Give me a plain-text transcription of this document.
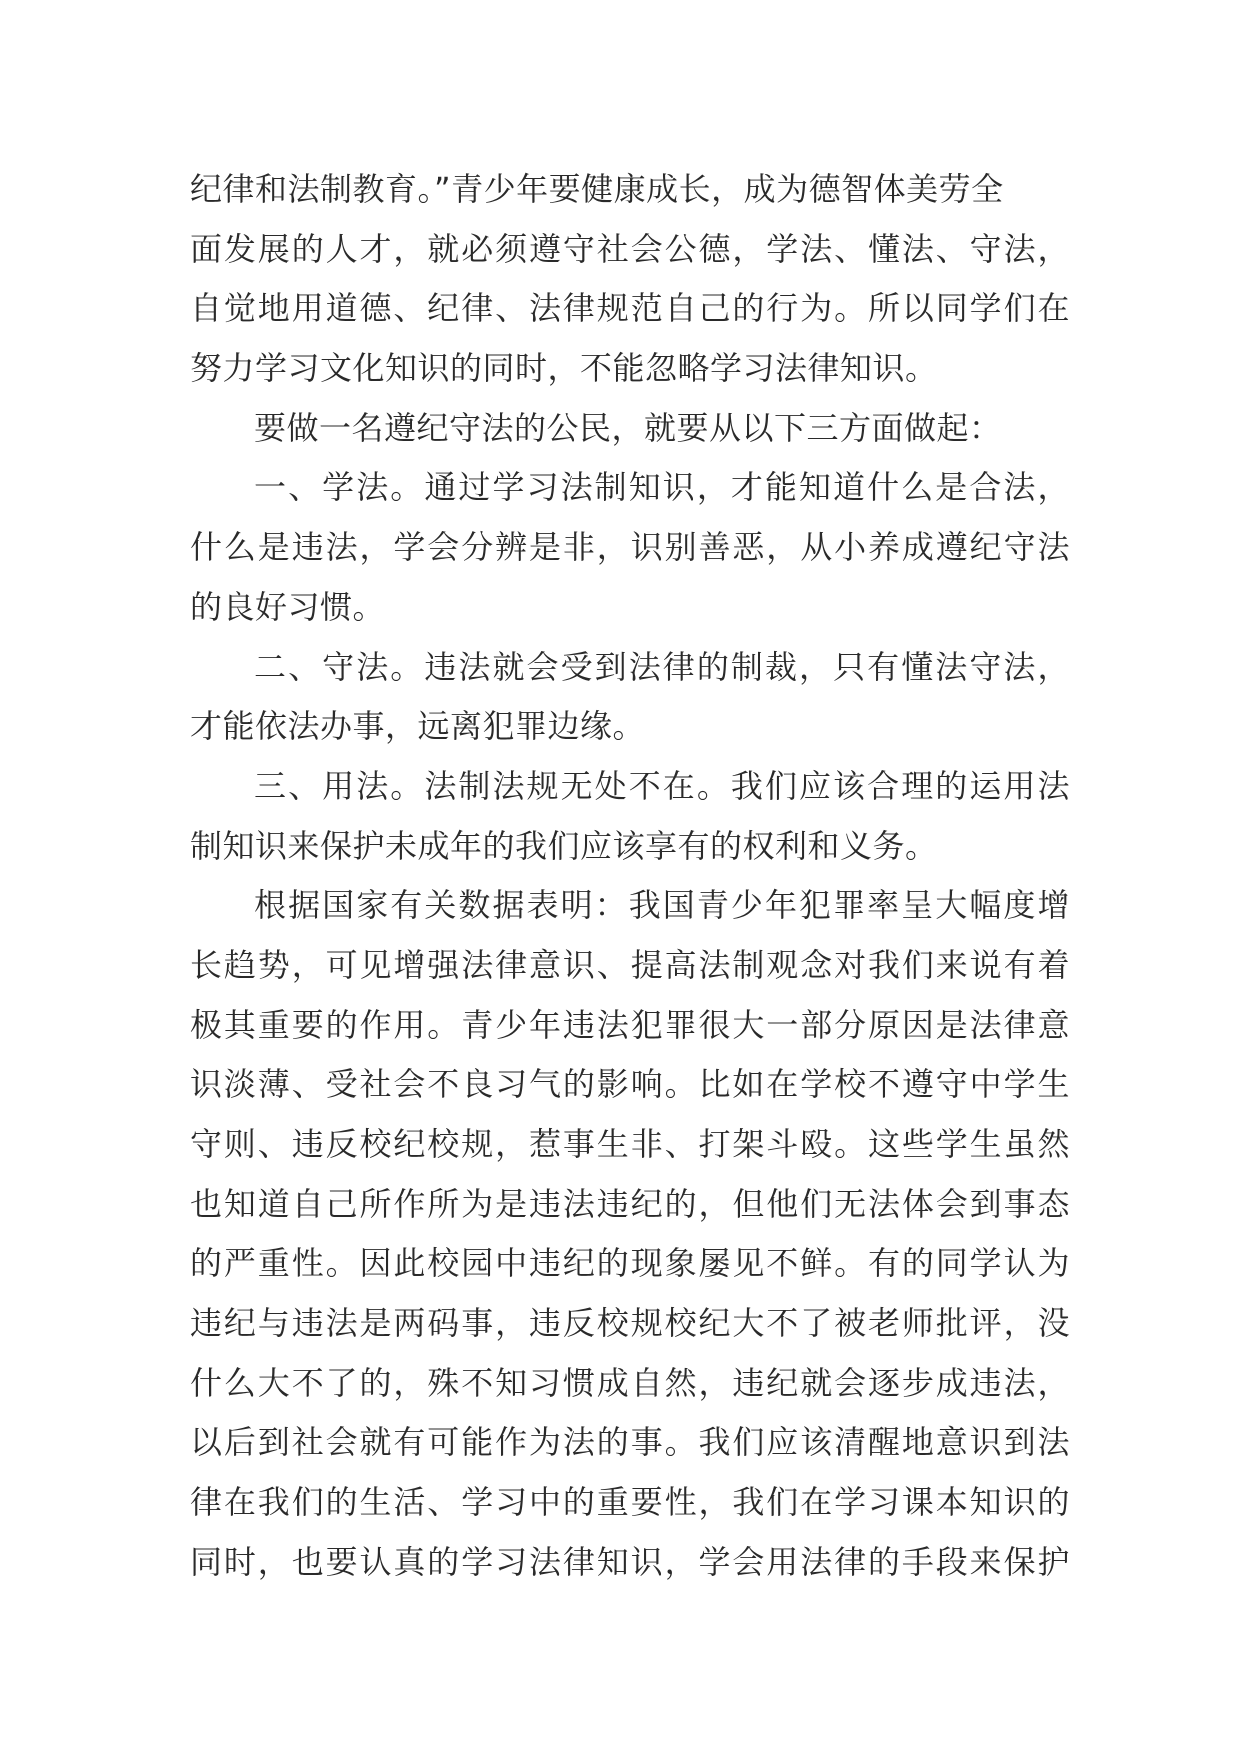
纪律和法制教育。”青少年要健康成长，成为德智体美劳全
面发展的人才，就必须遵守社会公德，学法、懂法、守法，
自觉地用道德、纪律、法律规范自己的行为。所以同学们在
努力学习文化知识的同时，不能忽略学习法律知识。
要做一名遵纪守法的公民，就要从以下三方面做起：
一、学法。通过学习法制知识，才能知道什么是合法，
什么是违法，学会分辨是非，识别善恶，从小养成遵纪守法
的良好习惯。
二、守法。违法就会受到法律的制裁，只有懂法守法，
才能依法办事，远离犯罪边缘。
三、用法。法制法规无处不在。我们应该合理的运用法
制知识来保护未成年的我们应该享有的权利和义务。
根据国家有关数据表明：我国青少年犯罪率呈大幅度增
长趋势，可见增强法律意识、提高法制观念对我们来说有着
极其重要的作用。青少年违法犯罪很大一部分原因是法律意
识淡薄、受社会不良习气的影响。比如在学校不遵守中学生
守则、违反校纪校规，惹事生非、打架斗殴。这些学生虽然
也知道自己所作所为是违法违纪的，但他们无法体会到事态
的严重性。因此校园中违纪的现象屡见不鲜。有的同学认为
违纪与违法是两码事，违反校规校纪大不了被老师批评，没
什么大不了的，殊不知习惯成自然，违纪就会逐步成违法，
以后到社会就有可能作为法的事。我们应该清醒地意识到法
律在我们的生活、学习中的重要性，我们在学习课本知识的
同时，也要认真的学习法律知识，学会用法律的手段来保护
